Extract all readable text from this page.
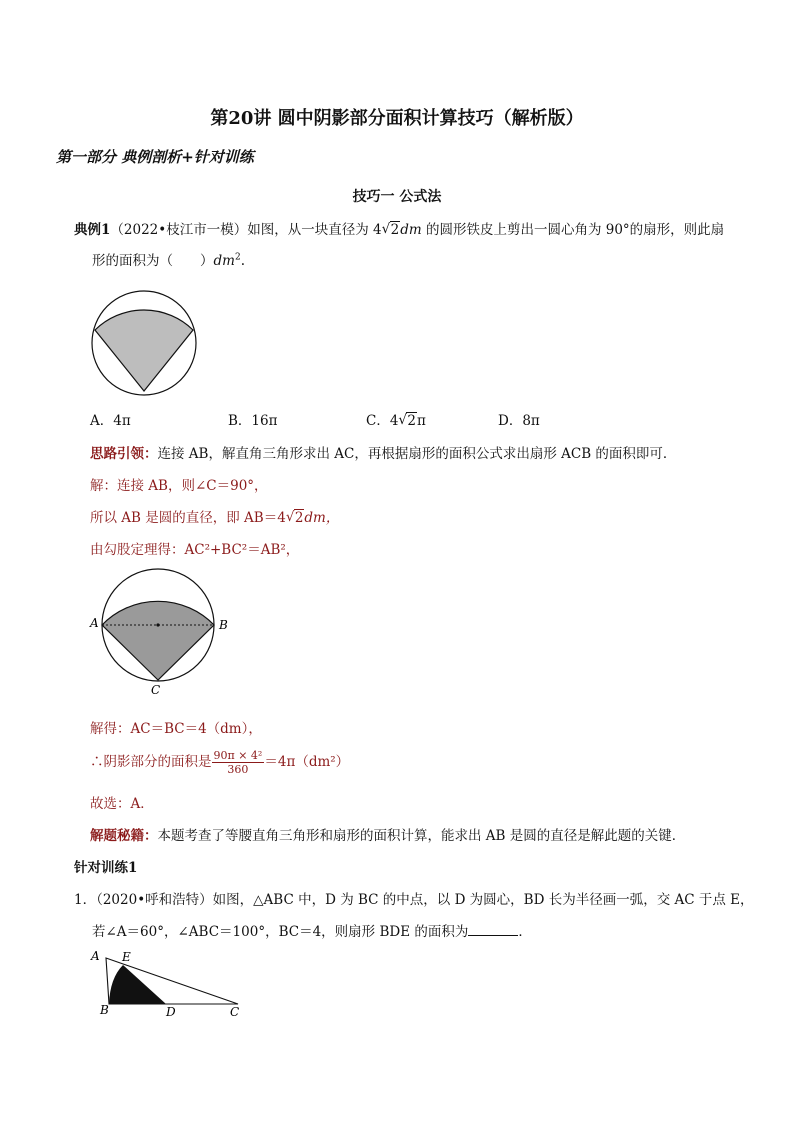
第20讲 圆中阴影部分面积计算技巧（解析版）
第一部分 典例剖析+针对训练
技巧一 公式法
典例1（2022•枝江市一模）如图，从一块直径为 4 √ 2dm 的圆形铁皮上剪出一圆心角为 90°的扇形，则此扇
形的面积为（　　）$dm^2$.
A．4π	B．16π	C．4 √ 2π	D．8π
思路引领：连接 AB，解直角三角形求出 AC，再根据扇形的面积公式求出扇形 ACB 的面积即可．
解：连接 AB，则∠C＝90°，
所以 AB 是圆的直径，即 AB＝4 √ 2dm，
由勾股定理得：AC²+BC²＝AB²，
A	B
C
解得：AC＝BC＝4（dm），
∴阴影部分的面积是 $\frac{\text{90π × 4²}}{360} =4\pi(dm^2)$
故选：A．
解题秘籍：本题考查了等腰直角三角形和扇形的面积计算，能求出 AB 是圆的直径是解此题的关键．
针对训练1
1．（2020•呼和浩特）如图，△ABC 中，D 为 BC 的中点，以 D 为圆心，BD 长为半径画一弧，交 AC 于点 E，
若∠A＝60°，∠ABC＝100°，BC＝4，则扇形 BDE 的面积为	．
A E
B	D	C
